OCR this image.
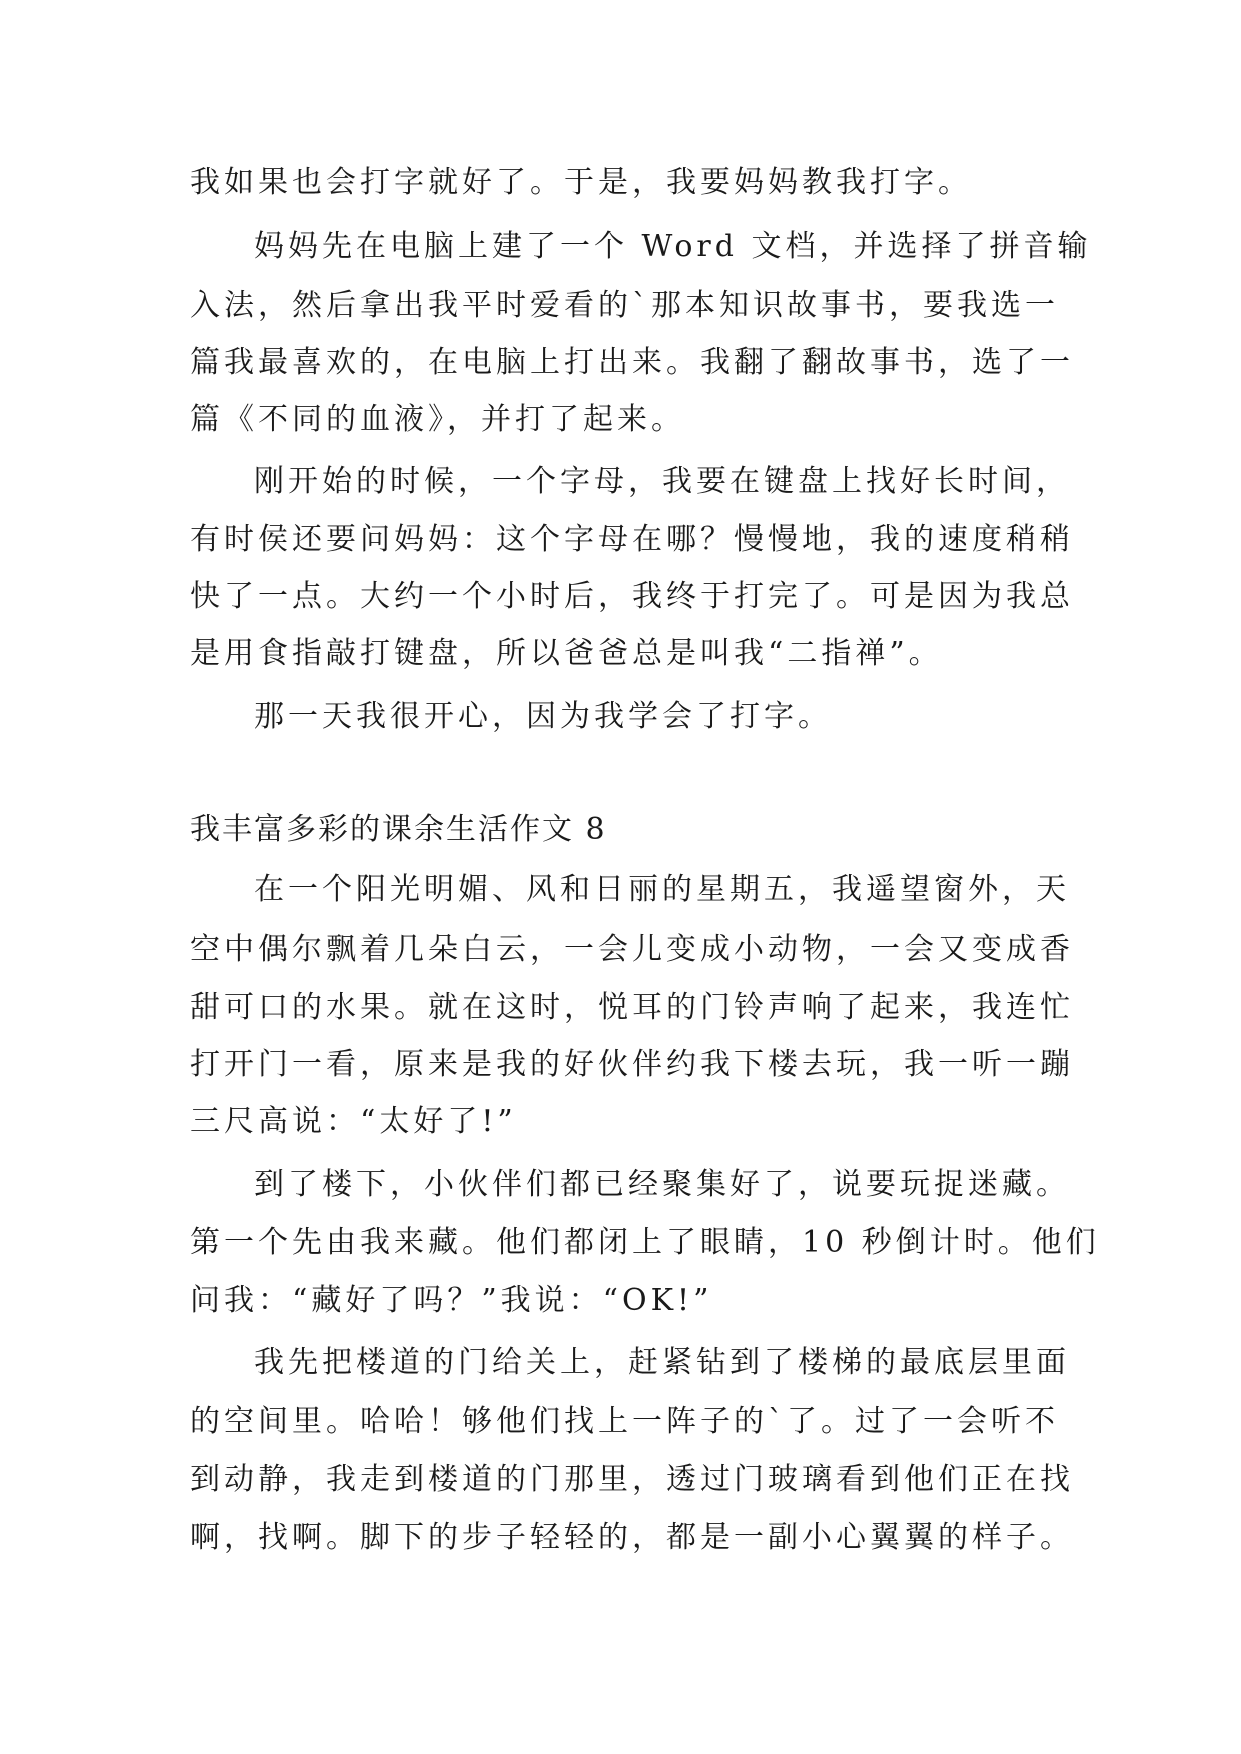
我如果也会打字就好了。于是，我要妈妈教我打字。
妈妈先在电脑上建了一个 Word 文档，并选择了拼音输
入法，然后拿出我平时爱看的`那本知识故事书，要我选一
篇我最喜欢的，在电脑上打出来。我翻了翻故事书，选了一
篇《不同的血液》，并打了起来。
刚开始的时候，一个字母，我要在键盘上找好长时间，
有时侯还要问妈妈：这个字母在哪？慢慢地，我的速度稍稍
快了一点。大约一个小时后，我终于打完了。可是因为我总
是用食指敲打键盘，所以爸爸总是叫我“二指禅”。
那一天我很开心，因为我学会了打字。
我丰富多彩的课余生活作文 8
在一个阳光明媚、风和日丽的星期五，我遥望窗外，天
空中偶尔飘着几朵白云，一会儿变成小动物，一会又变成香
甜可口的水果。就在这时，悦耳的门铃声响了起来，我连忙
打开门一看，原来是我的好伙伴约我下楼去玩，我一听一蹦
三尺高说：“太好了!”
到了楼下，小伙伴们都已经聚集好了，说要玩捉迷藏。
第一个先由我来藏。他们都闭上了眼睛，10 秒倒计时。他们
问我：“藏好了吗？”我说：“OK!”
我先把楼道的门给关上，赶紧钻到了楼梯的最底层里面
的空间里。哈哈！够他们找上一阵子的`了。过了一会听不
到动静，我走到楼道的门那里，透过门玻璃看到他们正在找
啊，找啊。脚下的步子轻轻的，都是一副小心翼翼的样子。
